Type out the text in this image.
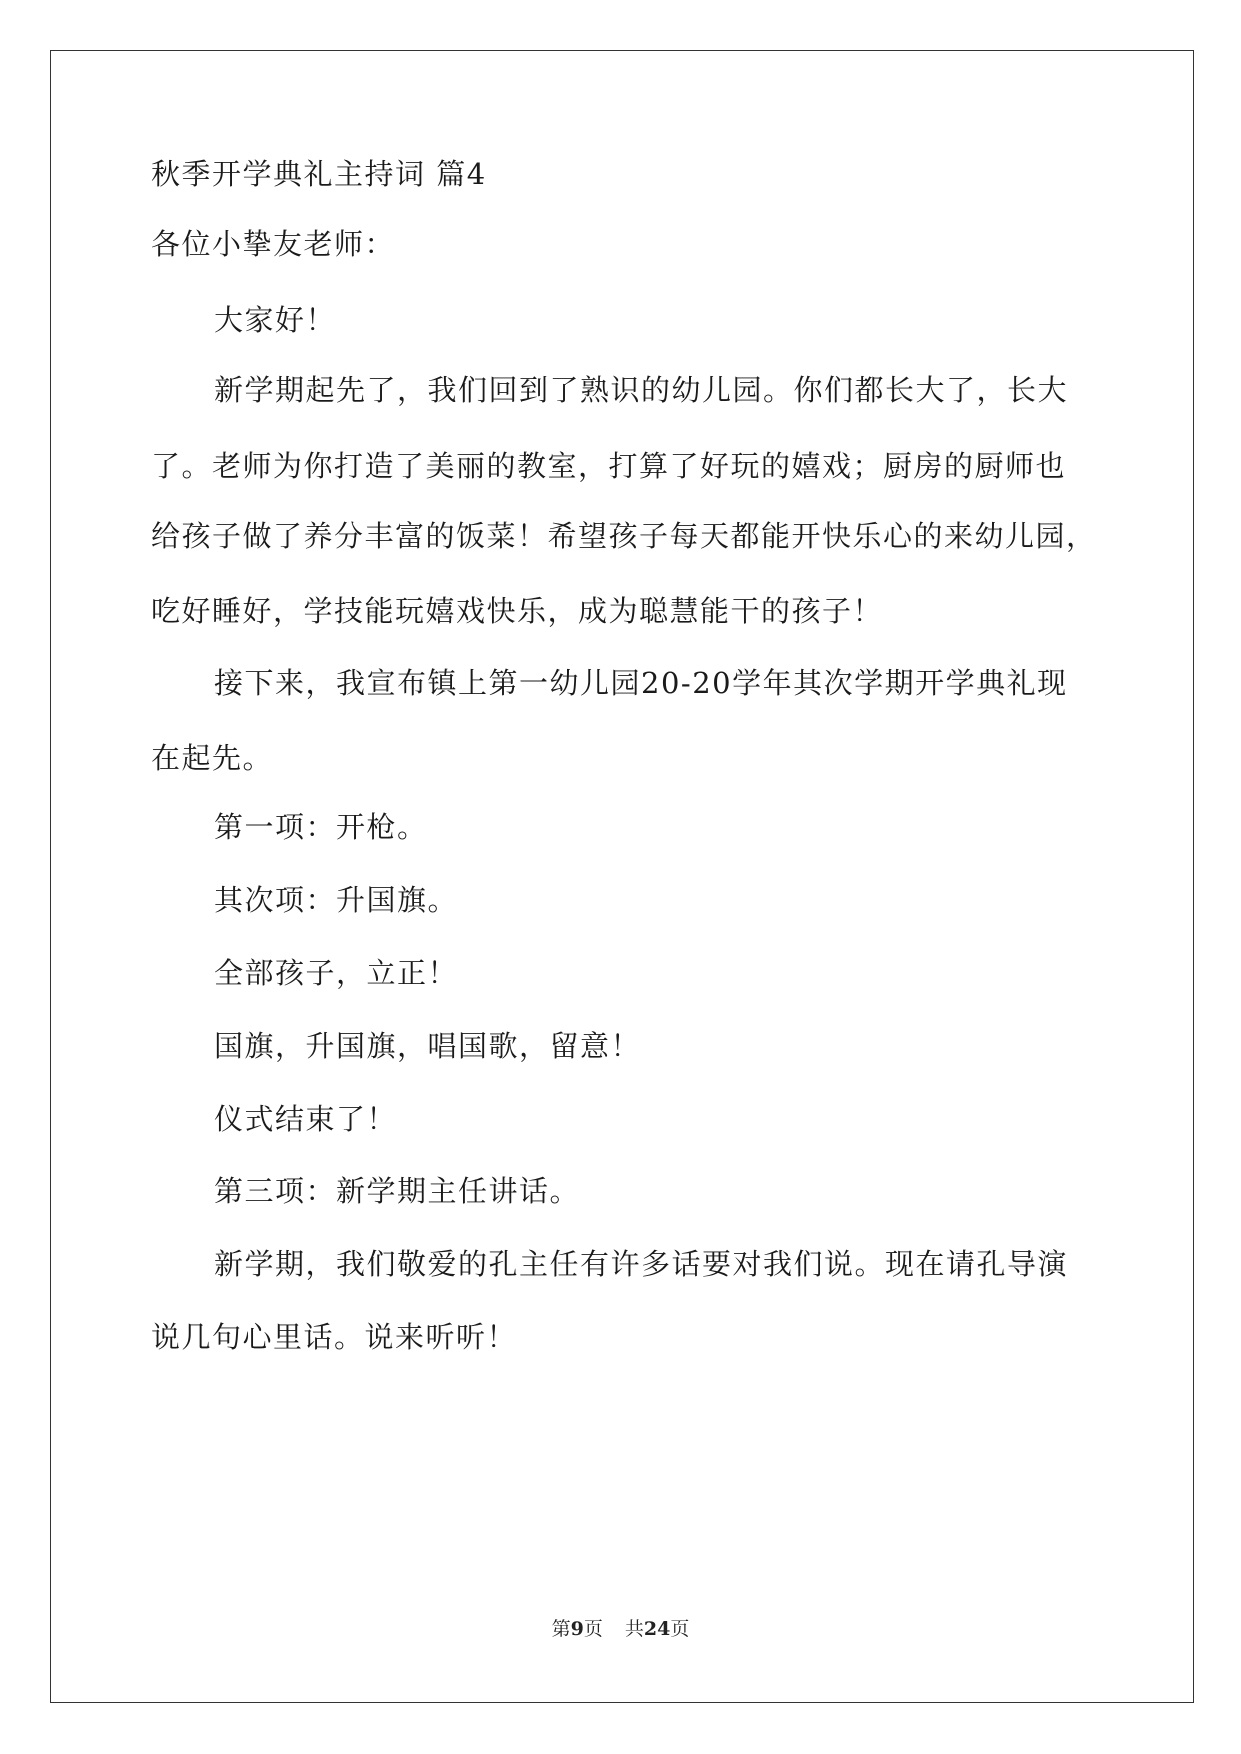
秋季开学典礼主持词 篇4
各位小挚友老师：
大家好！
新学期起先了，我们回到了熟识的幼儿园。你们都长大了，长大
了。老师为你打造了美丽的教室，打算了好玩的嬉戏；厨房的厨师也
给孩子做了养分丰富的饭菜！希望孩子每天都能开快乐心的来幼儿园，
吃好睡好，学技能玩嬉戏快乐，成为聪慧能干的孩子！
接下来，我宣布镇上第一幼儿园20-20学年其次学期开学典礼现
在起先。
第一项：开枪。
其次项：升国旗。
全部孩子，立正！
国旗，升国旗，唱国歌，留意！
仪式结束了！
第三项：新学期主任讲话。
新学期，我们敬爱的孔主任有许多话要对我们说。现在请孔导演
说几句心里话。说来听听！
第9页 共24页
